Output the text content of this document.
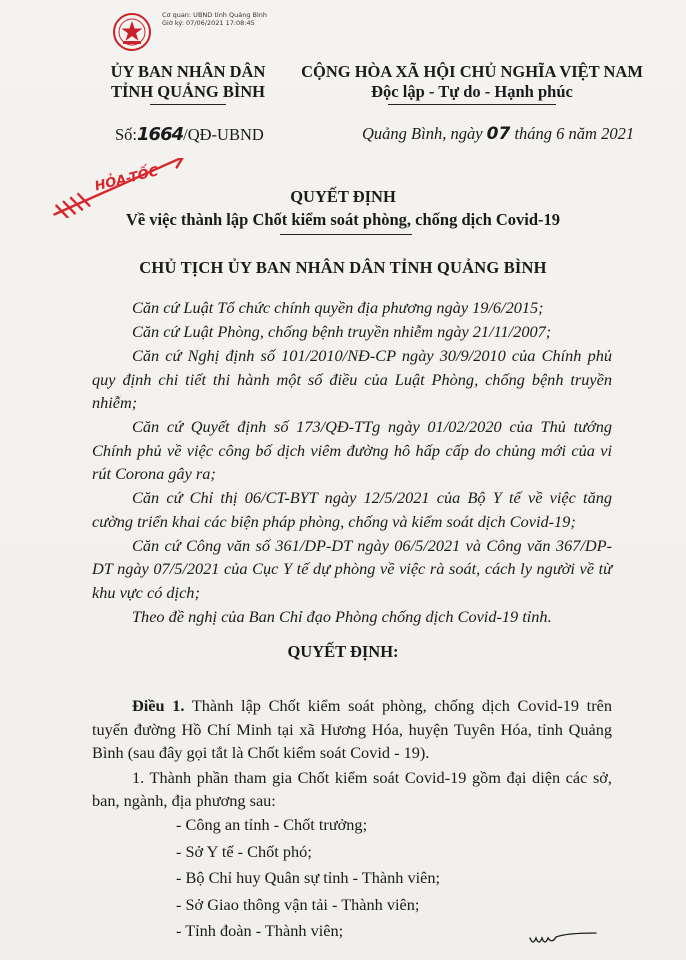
Cơ quan: UBND tỉnh Quảng Bình
Giờ ký: 07/06/2021 17:08:45
ỦY BAN NHÂN DÂN
TỈNH QUẢNG BÌNH
CỘNG HÒA XÃ HỘI CHỦ NGHĨA VIỆT NAM
Độc lập - Tự do - Hạnh phúc
Số:1664/QĐ-UBND	Quảng Bình, ngày 07 tháng 6 năm 2021
HỎA-TỐC
QUYẾT ĐỊNH
Về việc thành lập Chốt kiểm soát phòng, chống dịch Covid-19
CHỦ TỊCH ỦY BAN NHÂN DÂN TỈNH QUẢNG BÌNH

Căn cứ Luật Tổ chức chính quyền địa phương ngày 19/6/2015;

Căn cứ Luật Phòng, chống bệnh truyền nhiễm ngày 21/11/2007;

Căn cứ Nghị định số 101/2010/NĐ-CP ngày 30/9/2010 của Chính phủ quy định chi tiết thi hành một số điều của Luật Phòng, chống bệnh truyền nhiễm;

Căn cứ Quyết định số 173/QĐ-TTg ngày 01/02/2020 của Thủ tướng Chính phủ về việc công bố dịch viêm đường hô hấp cấp do chủng mới của vi rút Corona gây ra;

Căn cứ Chỉ thị 06/CT-BYT ngày 12/5/2021 của Bộ Y tế về việc tăng cường triển khai các biện pháp phòng, chống và kiểm soát dịch Covid-19;

Căn cứ Công văn số 361/DP-DT ngày 06/5/2021 và Công văn 367/DP-DT ngày 07/5/2021 của Cục Y tế dự phòng về việc rà soát, cách ly người về từ khu vực có dịch;

Theo đề nghị của Ban Chỉ đạo Phòng chống dịch Covid-19 tỉnh.

QUYẾT ĐỊNH:

Điều 1. Thành lập Chốt kiểm soát phòng, chống dịch Covid-19 trên tuyến đường Hồ Chí Minh tại xã Hương Hóa, huyện Tuyên Hóa, tỉnh Quảng Bình (sau đây gọi tắt là Chốt kiểm soát Covid - 19).

1. Thành phần tham gia Chốt kiểm soát Covid-19 gồm đại diện các sở, ban, ngành, địa phương sau:

- Công an tỉnh - Chốt trưởng;
- Sở Y tế - Chốt phó;
- Bộ Chỉ huy Quân sự tỉnh - Thành viên;
- Sở Giao thông vận tải - Thành viên;
- Tỉnh đoàn - Thành viên;
